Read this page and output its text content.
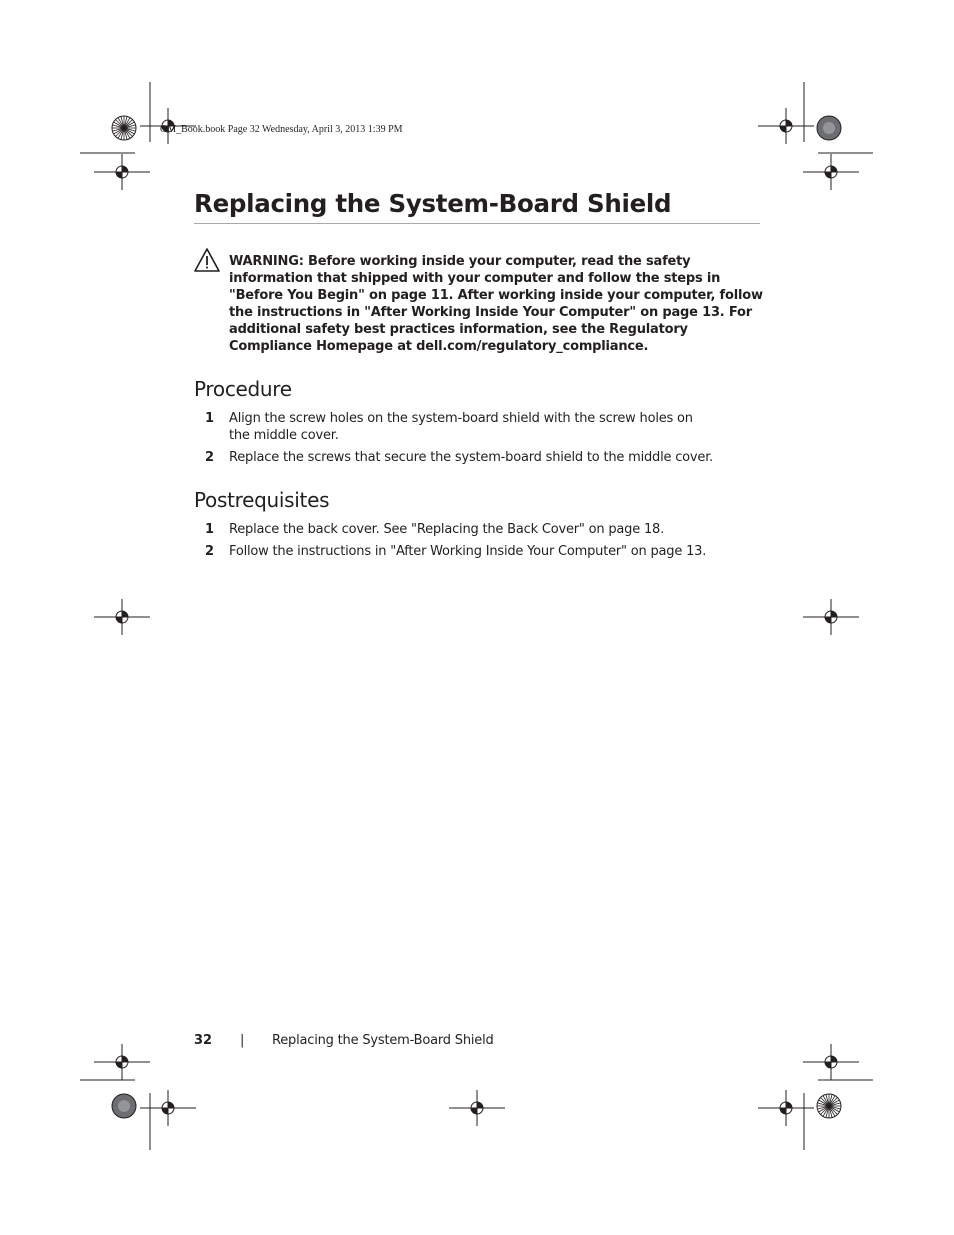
OM_Book.book Page 32 Wednesday, April 3, 2013 1:39 PM
Replacing the System-Board Shield

WARNING: Before working inside your computer, read the safety information that shipped with your computer and follow the steps in "Before You Begin" on page 11. After working inside your computer, follow the instructions in "After Working Inside Your Computer" on page 13. For additional safety best practices information, see the Regulatory Compliance Homepage at dell.com/regulatory_compliance.

Procedure
1	Align the screw holes on the system-board shield with the screw holes on the middle cover.
2	Replace the screws that secure the system-board shield to the middle cover.
Postrequisites
1	Replace the back cover. See "Replacing the Back Cover" on page 18.
2	Follow the instructions in "After Working Inside Your Computer" on page 13.
32 | Replacing the System-Board Shield
